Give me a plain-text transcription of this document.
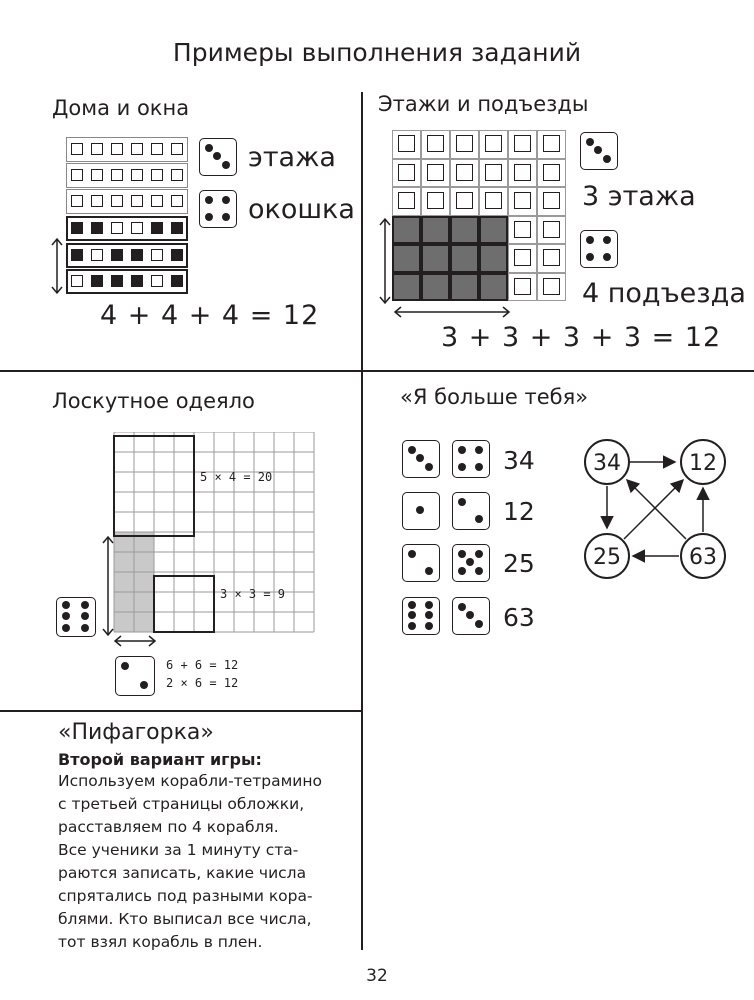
Примеры выполнения заданий
Дома и окна
этажа
окошка
4 + 4 + 4 = 12
Этажи и подъезды
3 этажа
4 подъезда
3 + 3 + 3 + 3 = 12
Лоскутное одеяло
5 × 4 = 20
3 × 3 = 9
6 + 6 = 12
2 × 6 = 12
«Я больше тебя»
34
12
25
63
34	12
25	63
«Пифагорка»
Второй вариант игры:
Используем корабли-тетрамино
с третьей страницы обложки,
расставляем по 4 корабля.
Все ученики за 1 минуту ста-
раются записать, какие числа
спрятались под разными кора-
блями. Кто выписал все числа,
тот взял корабль в плен.
32
